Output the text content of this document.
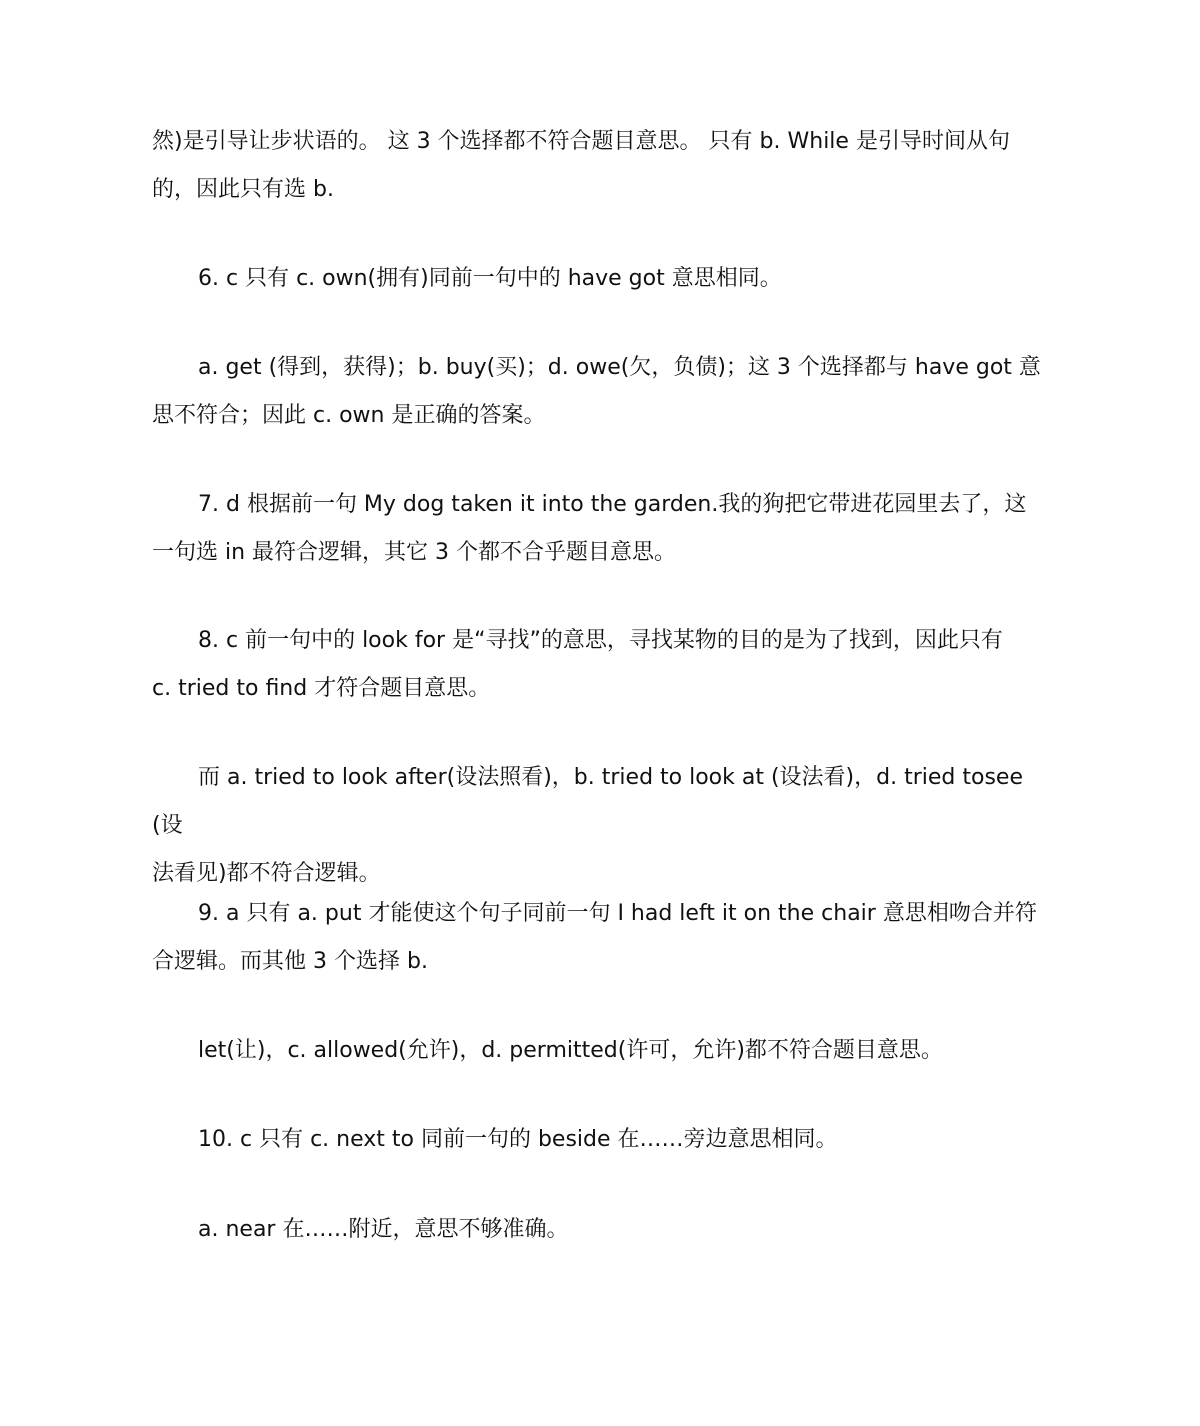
然)是引导让步状语的。 这 3 个选择都不符合题目意思。 只有 b. While 是引导时间从句
的，因此只有选 b.
6. c 只有 c. own(拥有)同前一句中的 have got 意思相同。
a. get (得到，获得)；b. buy(买)；d. owe(欠，负债)；这 3 个选择都与 have got 意
思不符合；因此 c. own 是正确的答案。
7. d 根据前一句 My dog taken it into the garden.我的狗把它带进花园里去了，这
一句选 in 最符合逻辑，其它 3 个都不合乎题目意思。
8. c 前一句中的 look for 是“寻找”的意思，寻找某物的目的是为了找到，因此只有
c. tried to find 才符合题目意思。
而 a. tried to look after(设法照看)，b. tried to look at (设法看)，d. tried tosee (设
法看见)都不符合逻辑。
9. a 只有 a. put 才能使这个句子同前一句 I had left it on the chair 意思相吻合并符
合逻辑。而其他 3 个选择 b.
let(让)，c. allowed(允许)，d. permitted(许可，允许)都不符合题目意思。
10. c 只有 c. next to 同前一句的 beside 在……旁边意思相同。
a. near 在……附近，意思不够准确。
